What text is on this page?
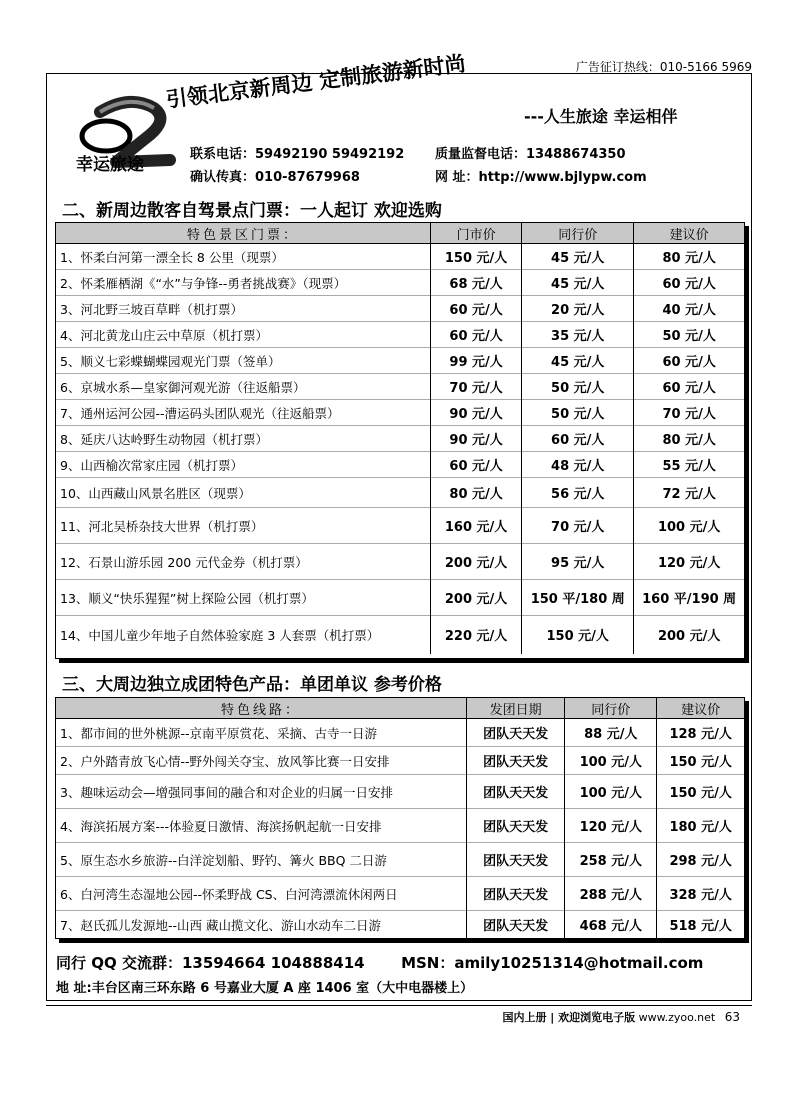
广告征订热线：010-5166 5969
幸运旅途
引领北京新周边 定制旅游新时尚
---人生旅途 幸运相伴
联系电话：59492190 59492192 质量监督电话：13488674350
确认传真：010-87679968	网 址：http://www.bjlypw.com
二、新周边散客自驾景点门票：一人起订 欢迎选购
特色景区门票：	门市价	同行价	建议价
1、怀柔白河第一漂全长 8 公里（现票）	150 元/人	45 元/人	80 元/人
2、怀柔雁栖湖《“水”与争锋--勇者挑战赛》（现票）	68 元/人	45 元/人	60 元/人
3、河北野三坡百草畔（机打票）	60 元/人	20 元/人	40 元/人
4、河北黄龙山庄云中草原（机打票）	60 元/人	35 元/人	50 元/人
5、顺义七彩蝶蝴蝶园观光门票（签单）	99 元/人	45 元/人	60 元/人
6、京城水系—皇家御河观光游（往返船票）	70 元/人	50 元/人	60 元/人
7、通州运河公园--漕运码头团队观光（往返船票）	90 元/人	50 元/人	70 元/人
8、延庆八达岭野生动物园（机打票）	90 元/人	60 元/人	80 元/人
9、山西榆次常家庄园（机打票）	60 元/人	48 元/人	55 元/人
10、山西藏山风景名胜区（现票）	80 元/人	56 元/人	72 元/人
11、河北吴桥杂技大世界（机打票）	160 元/人	70 元/人	100 元/人
12、石景山游乐园 200 元代金券（机打票）	200 元/人	95 元/人	120 元/人
13、顺义“快乐猩猩”树上探险公园（机打票）	200 元/人	150 平/180 周	160 平/190 周
14、中国儿童少年地子自然体验家庭 3 人套票（机打票）	220 元/人	150 元/人	200 元/人
三、大周边独立成团特色产品：单团单议 参考价格
特色线路：	发团日期	同行价	建议价
1、都市间的世外桃源--京南平原赏花、采摘、古寺一日游	团队天天发	88 元/人	128 元/人
2、户外踏青放飞心情--野外闯关夺宝、放风筝比赛一日安排	团队天天发	100 元/人	150 元/人
3、趣味运动会—增强同事间的融合和对企业的归属一日安排	团队天天发	100 元/人	150 元/人
4、海滨拓展方案---体验夏日激情、海滨扬帆起航一日安排	团队天天发	120 元/人	180 元/人
5、原生态水乡旅游--白洋淀划船、野钓、篝火 BBQ 二日游	团队天天发	258 元/人	298 元/人
6、白河湾生态湿地公园--怀柔野战 CS、白河湾漂流休闲两日	团队天天发	288 元/人	328 元/人
7、赵氏孤儿发源地--山西 藏山揽文化、游山水动车二日游	团队天天发	468 元/人	518 元/人
同行 QQ 交流群：13594664 104888414 MSN：amily10251314@hotmail.com
地 址:丰台区南三环东路 6 号嘉业大厦 A 座 1406 室（大中电器楼上）
国内上册 | 欢迎浏览电子版 www.zyoo.net 63
